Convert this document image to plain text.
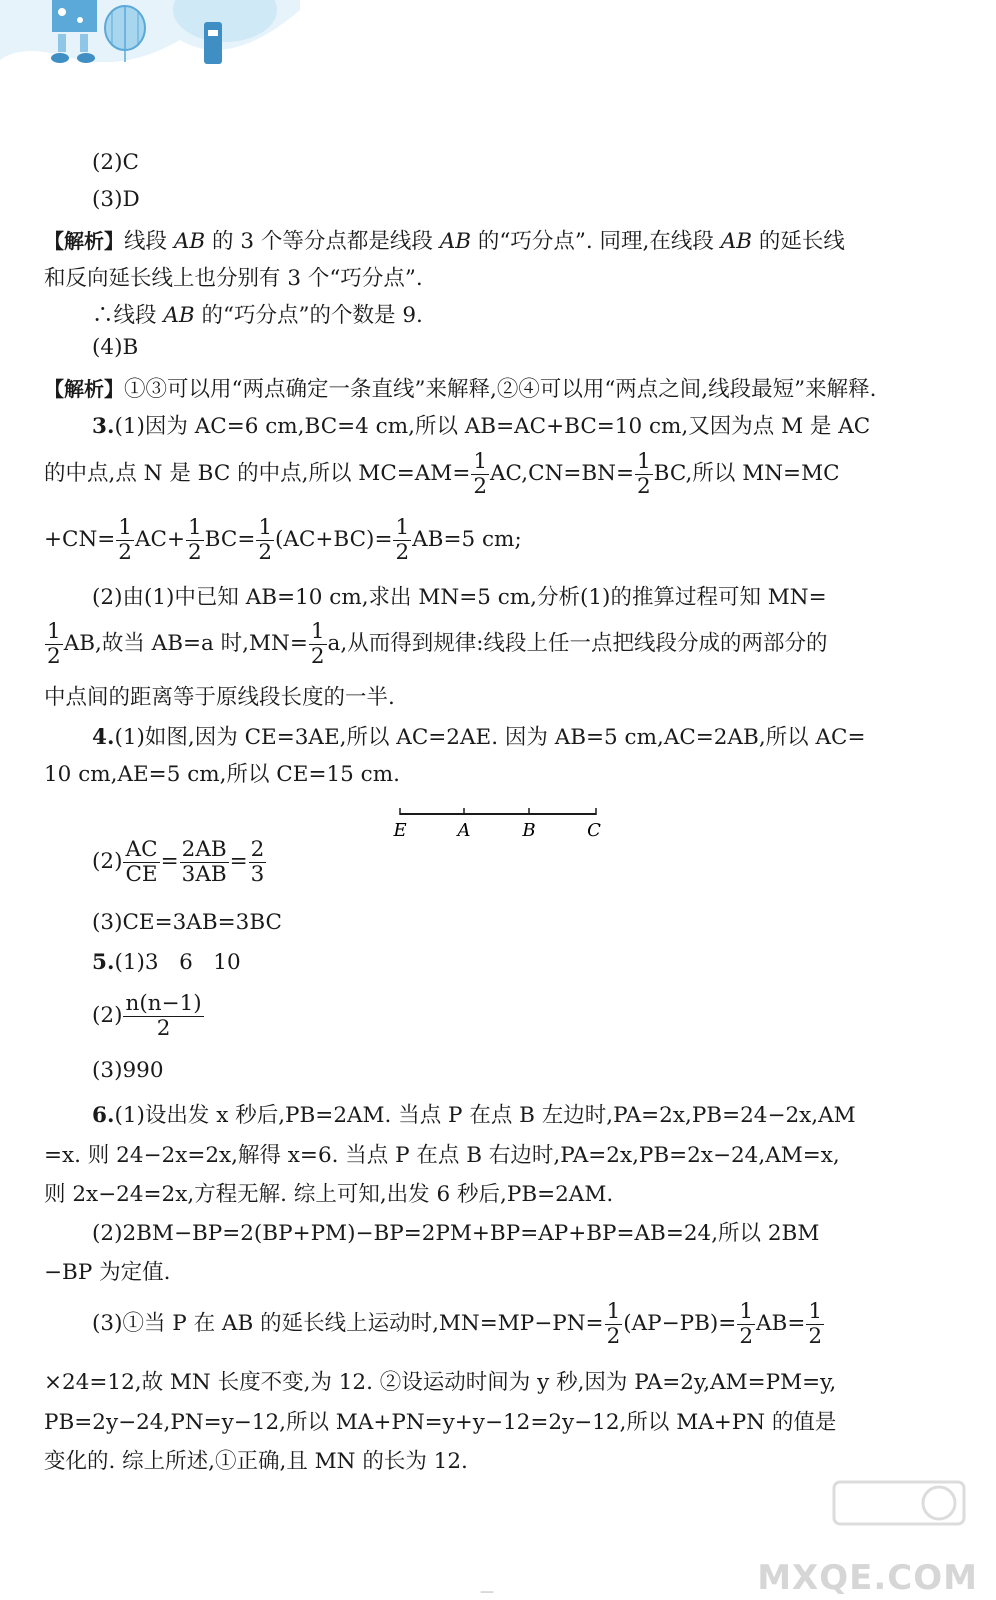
(2)C
(3)D
【解析】线段 AB 的 3 个等分点都是线段 AB 的“巧分点”. 同理,在线段 AB 的延长线
和反向延长线上也分别有 3 个“巧分点”.
∴线段 AB 的“巧分点”的个数是 9.
(4)B
【解析】①③可以用“两点确定一条直线”来解释,②④可以用“两点之间,线段最短”来解释.
3.(1)因为 AC=6 cm,BC=4 cm,所以 AB=AC+BC=10 cm,又因为点 M 是 AC
的中点,点 N 是 BC 的中点,所以 $MC=AM= \frac{1}{2} AC,CN=BN= \frac{1}{2}$ BC,所以 MN=MC
$+CN= \frac{1}{2} AC+ \frac{1}{2} BC= \frac{1}{2} (AC+BC)= \frac{1}{2} AB=5$ cm;
(2)由(1)中已知 AB=10 cm,求出 MN=5 cm,分析(1)的推算过程可知 MN=
$\frac{1}{2}$ AB,故当 AB=a 时$,MN= \frac{1}{2} a$,从而得到规律:线段上任一点把线段分成的两部分的
中点间的距离等于原线段长度的一半.
4.(1)如图,因为 CE=3AE,所以 AC=2AE. 因为 AB=5 cm,AC=2AB,所以 AC=
10 cm,AE=5 cm,所以 CE=15 cm.
$(2) \frac{AC}{CE} = \frac{2AB}{3AB} = \frac{2}{3}$
(3)CE=3AB=3BC
5.(1)3   6   10
$(2) \frac{n(n-1)}{2}$
(3)990
6.(1)设出发 x 秒后,PB=2AM. 当点 P 在点 B 左边时,PA=2x,PB=24−2x,AM
=x. 则 24−2x=2x,解得 x=6. 当点 P 在点 B 右边时,PA=2x,PB=2x−24,AM=x,
则 2x−24=2x,方程无解. 综上可知,出发 6 秒后,PB=2AM.
(2)2BM−BP=2(BP+PM)−BP=2PM+BP=AP+BP=AB=24,所以 2BM
−BP 为定值.
(3)①当 P 在 AB 的延长线上运动时$,MN=MP-PN= \frac{1}{2} (AP-PB)= \frac{1}{2} AB= \frac{1}{2}$
×24=12,故 MN 长度不变,为 12. ②设运动时间为 y 秒,因为 PA=2y,AM=PM=y,
PB=2y−24,PN=y−12,所以 MA+PN=y+y−12=2y−12,所以 MA+PN 的值是
变化的. 综上所述,①正确,且 MN 的长为 12.
E	A	B	C
MXQE.COM
—
